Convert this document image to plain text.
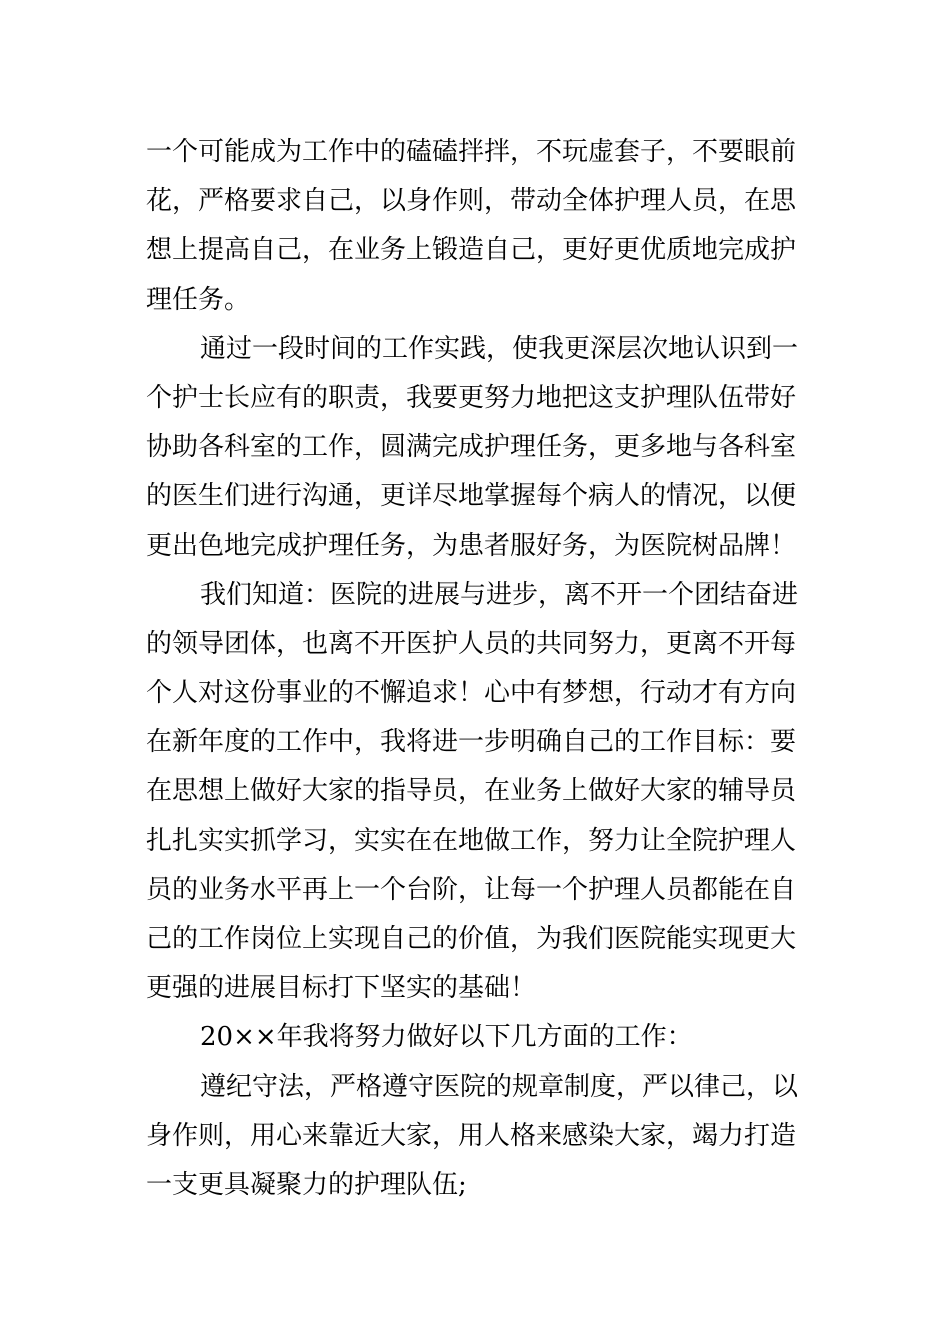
一个可能成为工作中的磕磕拌拌，不玩虚套子，不要眼前
花，严格要求自己，以身作则，带动全体护理人员，在思
想上提高自己，在业务上锻造自己，更好更优质地完成护
理任务。
通过一段时间的工作实践，使我更深层次地认识到一
个护士长应有的职责，我要更努力地把这支护理队伍带好
协助各科室的工作，圆满完成护理任务，更多地与各科室
的医生们进行沟通，更详尽地掌握每个病人的情况，以便
更出色地完成护理任务，为患者服好务，为医院树品牌！
我们知道：医院的进展与进步，离不开一个团结奋进
的领导团体，也离不开医护人员的共同努力，更离不开每
个人对这份事业的不懈追求！心中有梦想，行动才有方向
在新年度的工作中，我将进一步明确自己的工作目标：要
在思想上做好大家的指导员，在业务上做好大家的辅导员
扎扎实实抓学习，实实在在地做工作，努力让全院护理人
员的业务水平再上一个台阶，让每一个护理人员都能在自
己的工作岗位上实现自己的价值，为我们医院能实现更大
更强的进展目标打下坚实的基础！
20××年我将努力做好以下几方面的工作：
遵纪守法，严格遵守医院的规章制度，严以律己，以
身作则，用心来靠近大家，用人格来感染大家，竭力打造
一支更具凝聚力的护理队伍;
